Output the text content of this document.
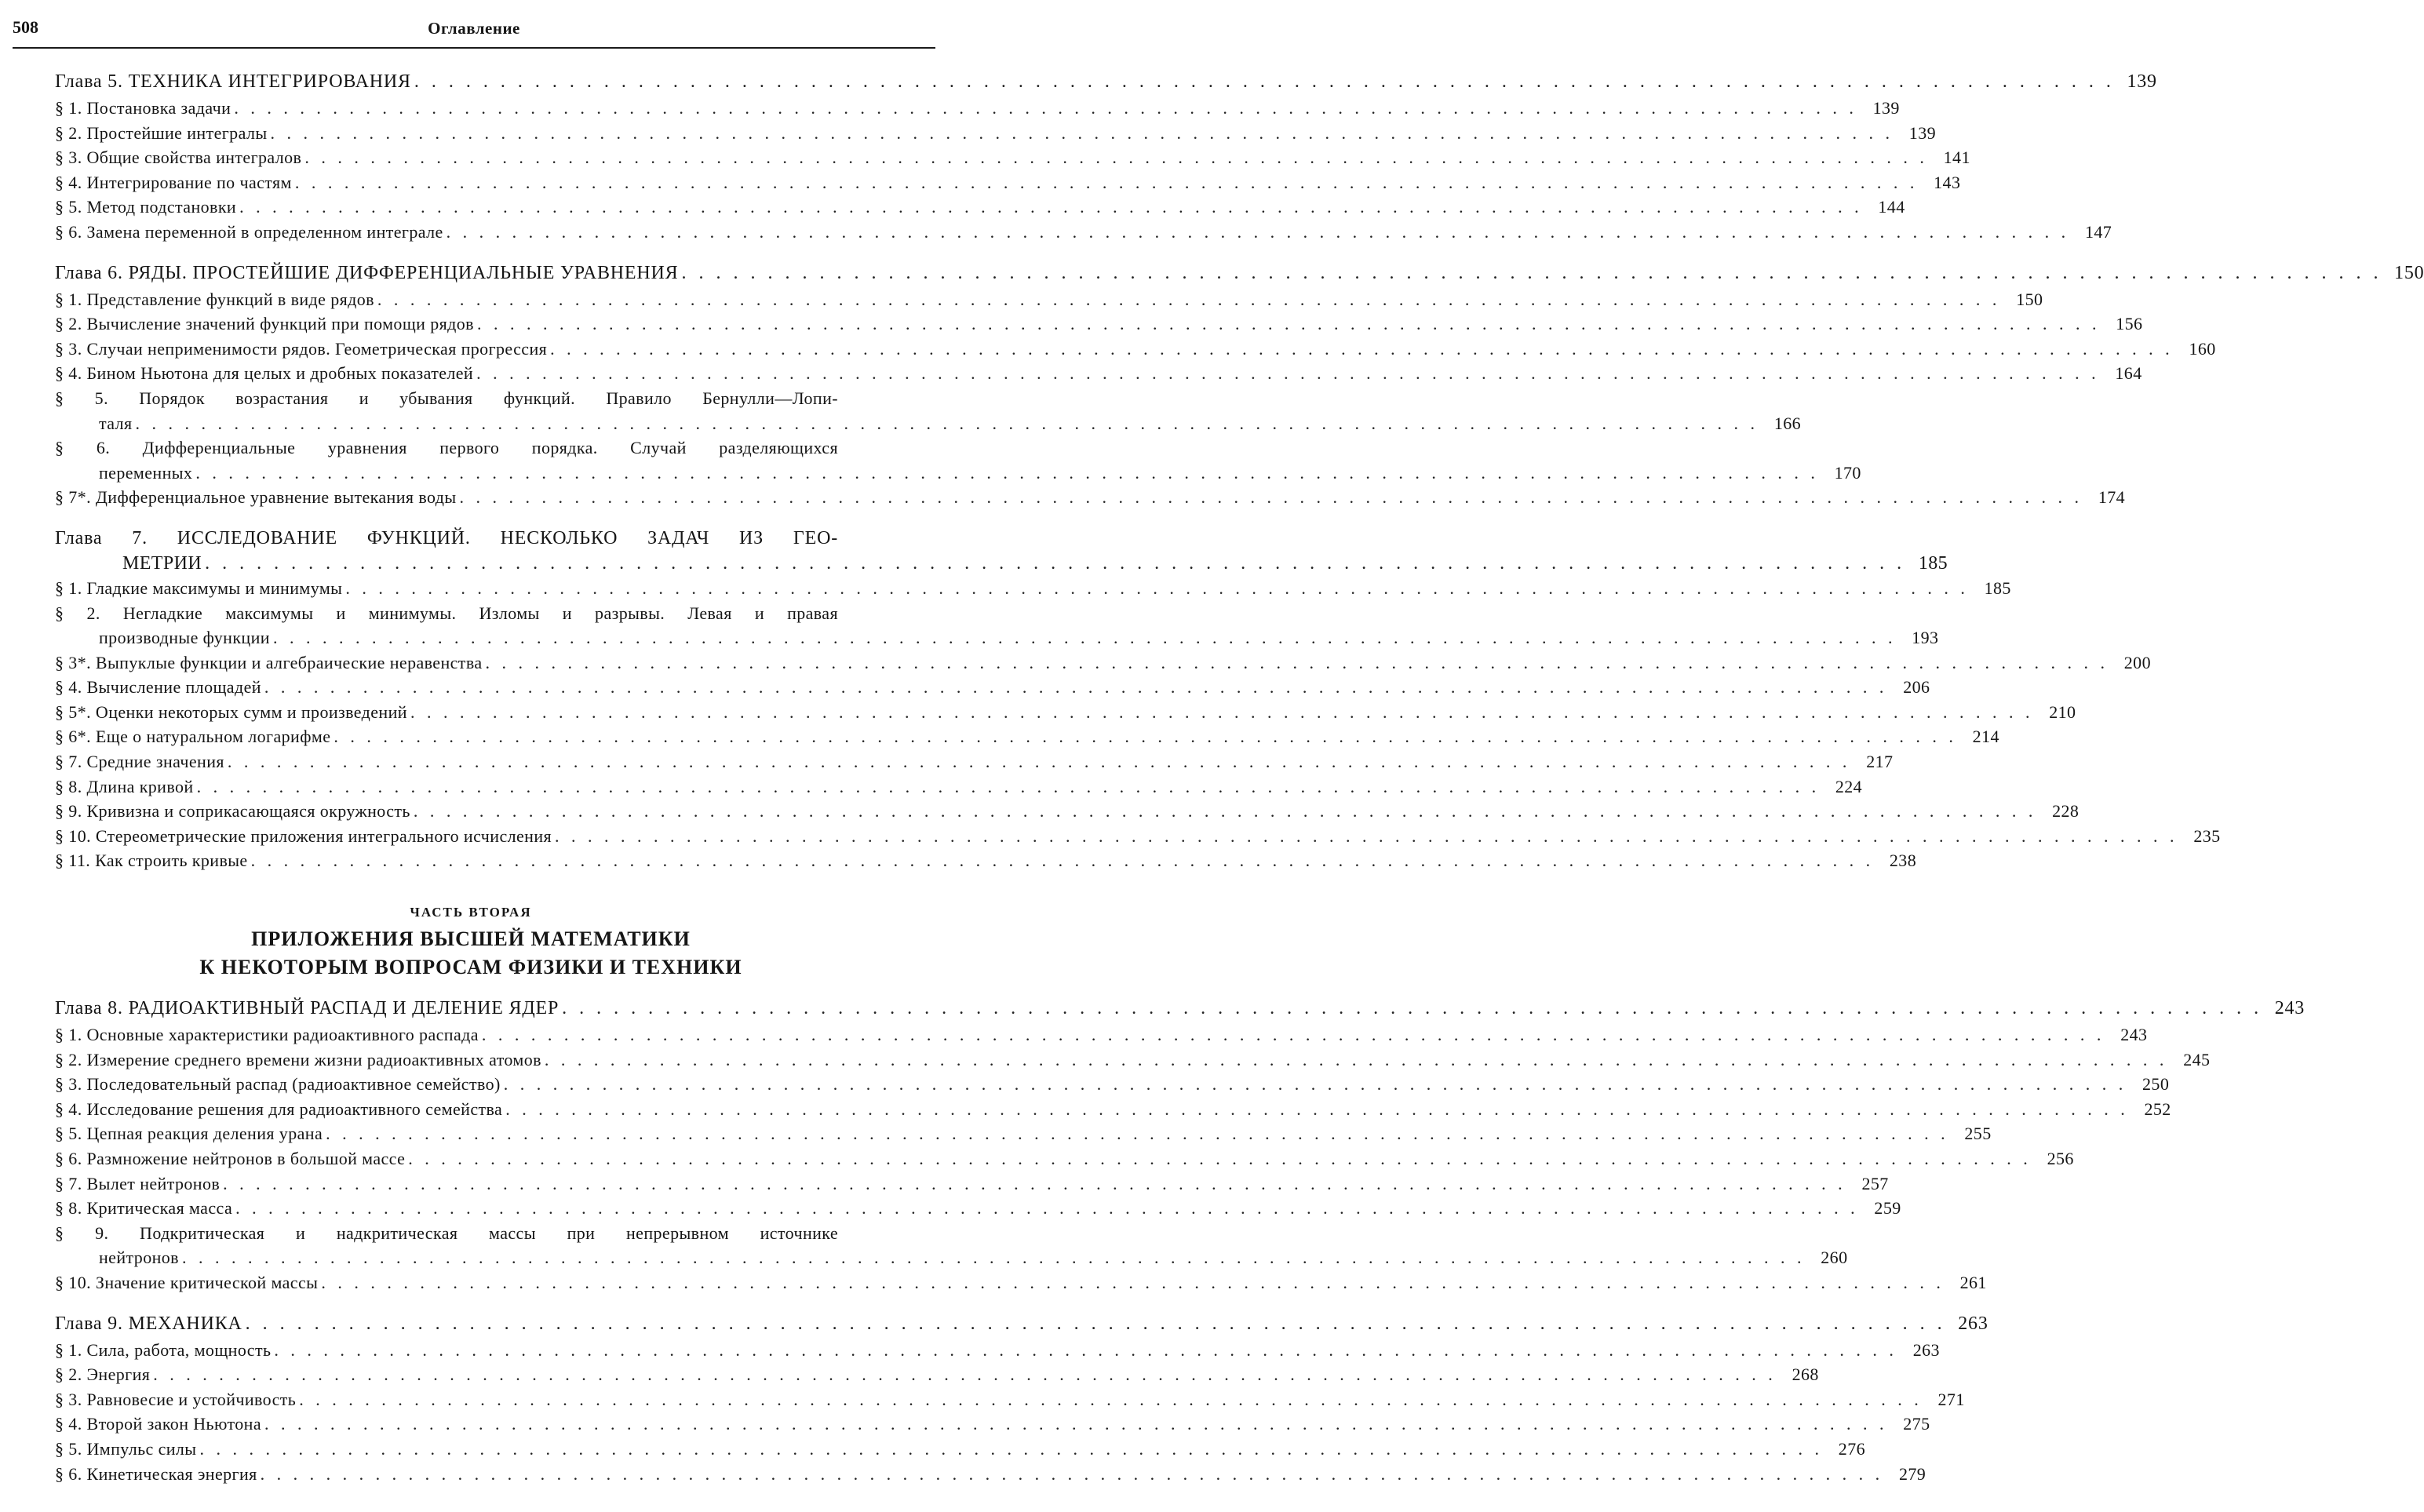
508	Оглавление
Глава 5. ТЕХНИКА ИНТЕГРИРОВАНИЯ . . .	139
§ 1. Постановка задачи . . .	139
§ 2. Простейшие интегралы . . .	139
§ 3. Общие свойства интегралов . . .	141
§ 4. Интегрирование по частям . . .	143
§ 5. Метод подстановки . . .	144
§ 6. Замена переменной в определенном интеграле . . .	147
Глава 6. РЯДЫ. ПРОСТЕЙШИЕ ДИФФЕРЕНЦИАЛЬНЫЕ УРАВНЕНИЯ . . .	150
§ 1. Представление функций в виде рядов . . .	150
§ 2. Вычисление значений функций при помощи рядов . . .	156
§ 3. Случаи неприменимости рядов. Геометрическая прогрессия . . .	160
§ 4. Бином Ньютона для целых и дробных показателей . . .	164
§ 5. Порядок возрастания и убывания функций. Правило Бернулли—Лопи-
таля . . .	166
§ 6. Дифференциальные уравнения первого порядка. Случай разделяющихся
переменных . . .	170
§ 7*. Дифференциальное уравнение вытекания воды . . .	174
Глава 7. ИССЛЕДОВАНИЕ ФУНКЦИЙ. НЕСКОЛЬКО ЗАДАЧ ИЗ ГЕО-
МЕТРИИ . . .	185
§ 1. Гладкие максимумы и минимумы . . .	185
§ 2. Негладкие максимумы и минимумы. Изломы и разрывы. Левая и правая
производные функции . . .	193
§ 3*. Выпуклые функции и алгебраические неравенства . . .	200
§ 4. Вычисление площадей . . .	206
§ 5*. Оценки некоторых сумм и произведений . . .	210
§ 6*. Еще о натуральном логарифме . . .	214
§ 7. Средние значения . . .	217
§ 8. Длина кривой . . .	224
§ 9. Кривизна и соприкасающаяся окружность . . .	228
§ 10. Стереометрические приложения интегрального исчисления . . .	235
§ 11. Как строить кривые . . .	238
ЧАСТЬ ВТОРАЯ
ПРИЛОЖЕНИЯ ВЫСШЕЙ МАТЕМАТИКИ
К НЕКОТОРЫМ ВОПРОСАМ ФИЗИКИ И ТЕХНИКИ
Глава 8. РАДИОАКТИВНЫЙ РАСПАД И ДЕЛЕНИЕ ЯДЕР . . .	243
§ 1. Основные характеристики радиоактивного распада . . .	243
§ 2. Измерение среднего времени жизни радиоактивных атомов . . .	245
§ 3. Последовательный распад (радиоактивное семейство) . . .	250
§ 4. Исследование решения для радиоактивного семейства . . .	252
§ 5. Цепная реакция деления урана . . .	255
§ 6. Размножение нейтронов в большой массе . . .	256
§ 7. Вылет нейтронов . . .	257
§ 8. Критическая масса . . .	259
§ 9. Подкритическая и надкритическая массы при непрерывном источнике
нейтронов . . .	260
§ 10. Значение критической массы . . .	261
Глава 9. МЕХАНИКА . . .	263
§ 1. Сила, работа, мощность . . .	263
§ 2. Энергия . . .	268
§ 3. Равновесие и устойчивость . . .	271
§ 4. Второй закон Ньютона . . .	275
§ 5. Импульс силы . . .	276
§ 6. Кинетическая энергия . . .	279
